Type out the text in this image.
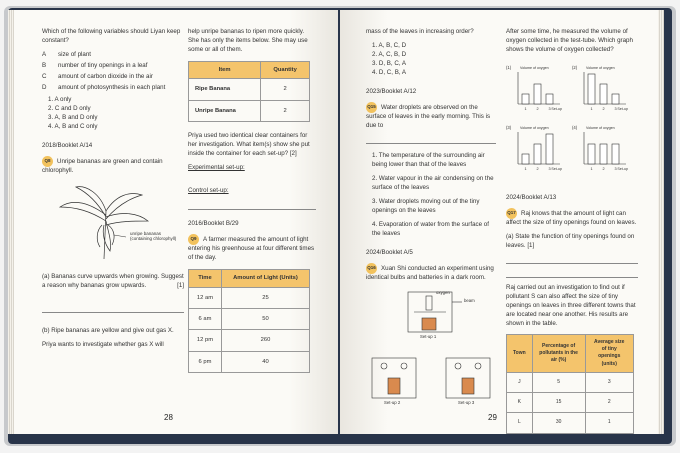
Which of the following variables should Liyan keep constant?

A	size of plant
B	number of tiny openings in a leaf
C	amount of carbon dioxide in the air
D	amount of photosynthesis in each plant
1. A only
2. C and D only
3. A, B and D only
4. A, B and C only

2018/Booklet A/14

Q8 Unripe bananas are green and contain chlorophyll.

unripe bananas (containing chlorophyll)

(a) Bananas curve upwards when growing. Suggest a reason why bananas grow upwards.	[1]

(b) Ripe bananas are yellow and give out gas X.

Priya wants to investigate whether gas X will

help unripe bananas to ripen more quickly. She has only the items below. She may use some or all of them.

Item	Quantity
Ripe Banana	2
Unripe Banana	2

Priya used two identical clear containers for her investigation. What item(s) show she put inside the container for each set-up? [2]

Experimental set-up:

Control set-up:

2016/Booklet B/29

Q9 A farmer measured the amount of light entering his greenhouse at four different times of the day.

Time	Amount of Light (Units)
12 am	25
6 am	50
12 pm	260
6 pm	40
28

mass of the leaves in increasing order?

1. A, B, C, D
2. A, C, B, D
3. D, B, C, A
4. D, C, B, A

2023/Booklet A/12

Q15 Water droplets are observed on the surface of leaves in the early morning. This is due to

1. The temperature of the surrounding air being lower than that of the leaves

2. Water vapour in the air condensing on the surface of the leaves

3. Water droplets moving out of the tiny openings on the leaves

4. Evaporation of water from the surface of the leaves

2024/Booklet A/5

Q16 Xuan Shi conducted an experiment using identical bulbs and batteries in a dark room.

oxygen
beam
Set-up 1
Set-up 2	Set-up 3

After some time, he measured the volume of oxygen collected in the test-tube. Which graph shows the volume of oxygen collected?

(1) Volume of oxygen
1	2	3 Set-up
(2) Volume of oxygen
1	2	3 Set-up
(3) Volume of oxygen
1	2	3 Set-up
(4) Volume of oxygen
1	2	3 Set-up

2024/Booklet A/13

Q17 Raj knows that the amount of light can affect the size of tiny openings found on leaves.

(a) State the function of tiny openings found on leaves. [1]

Raj carried out an investigation to find out if pollutant S can also affect the size of tiny openings on leaves in three different towns that are located near one another. His results are shown in the table.

Town	Percentage of pollutants in the air (%)	Average size of tiny openings (units)
J	5	3
K	15	2
L	30	1
29
